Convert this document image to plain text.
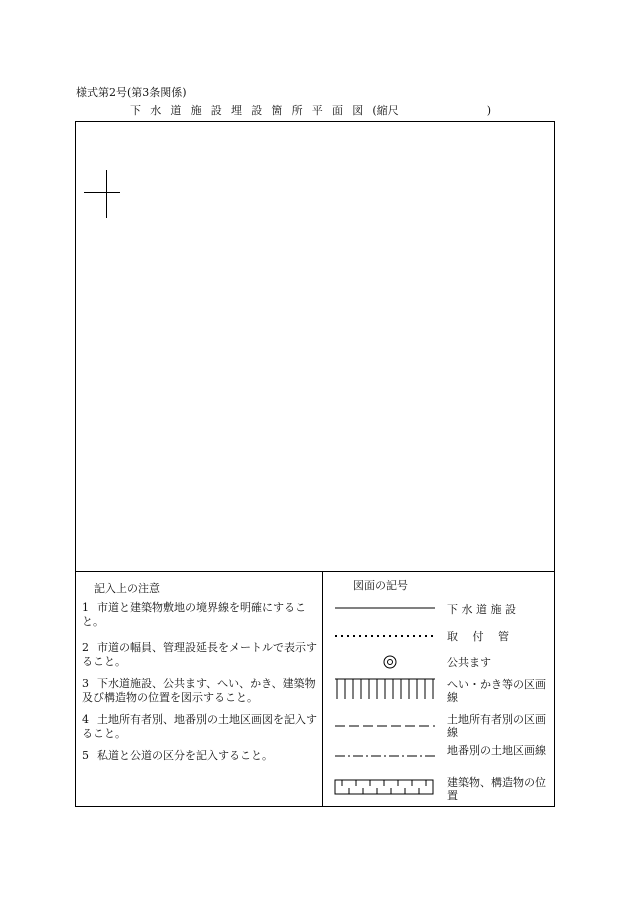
様式第2号(第3条関係)
下水道施設埋設箇所平面図(縮尺	)
記入上の注意
1 市道と建築物敷地の境界線を明確にすること。
2 市道の幅員、管理設延長をメートルで表示すること。
3 下水道施設、公共ます、へい、かき、建築物及び構造物の位置を図示すること。
4 土地所有者別、地番別の土地区画図を記入すること。
5 私道と公道の区分を記入すること。
図面の記号
下 水 道 施 設
取　 付　 管
公共ます
へい・かき等の区画線
土地所有者別の区画線
地番別の土地区画線
建築物、構造物の位置
